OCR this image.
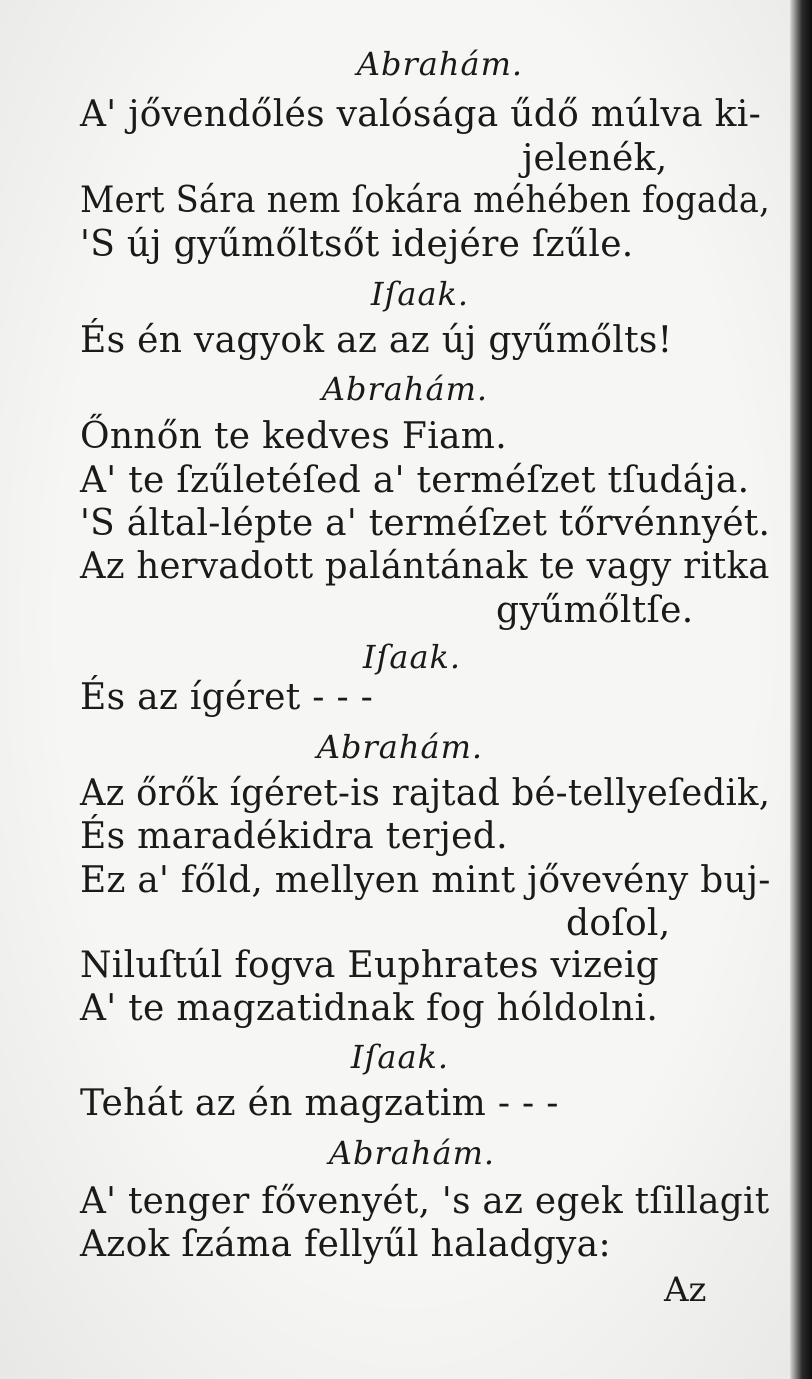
Abrahám.
A' jővendőlés valósága űdő múlva ki-
jelenék,
Mert Sára nem ſokára méhében fogada,
'S új gyűmőltsőt idejére ſzűle.
Iſaak.
És én vagyok az az új gyűmőlts!
Abrahám.
Őnnőn te kedves Fiam.
A' te ſzűletéſed a' terméſzet tſudája.
'S által-lépte a' terméſzet tőrvénnyét.
Az hervadott palántának te vagy ritka
gyűmőltſe.
Iſaak.
És az ígéret - - -
Abrahám.
Az őrők ígéret-is rajtad bé-tellyeſedik,
És maradékidra terjed.
Ez a' főld, mellyen mint jővevény buj-
doſol,
Niluſtúl fogva Euphrates vizeig
A' te magzatidnak fog hóldolni.
Iſaak.
Tehát az én magzatim - - -
Abrahám.
A' tenger fővenyét, 's az egek tſillagit
Azok ſzáma fellyűl haladgya:
Az
